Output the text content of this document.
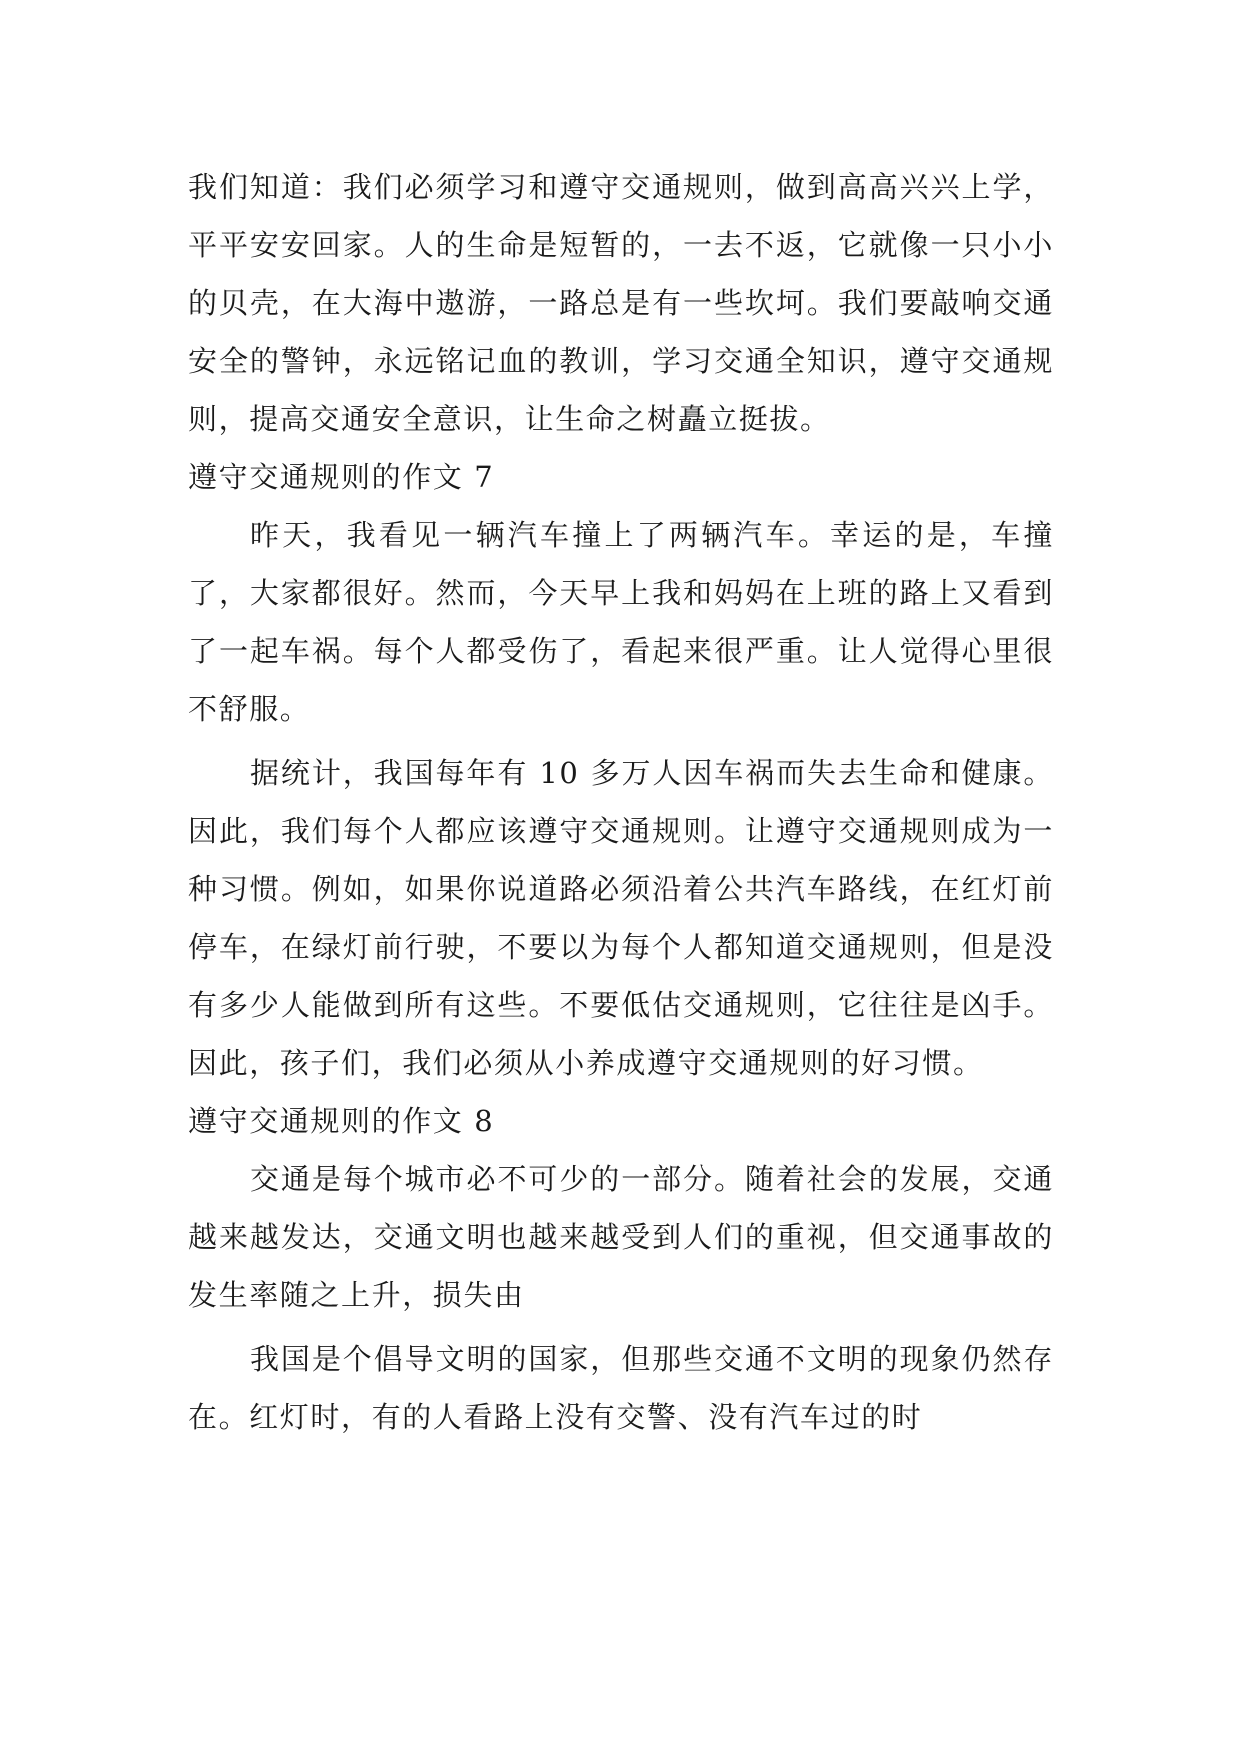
我们知道：我们必须学习和遵守交通规则，做到高高兴兴上学，平平安安回家。人的生命是短暂的，一去不返，它就像一只小小的贝壳，在大海中遨游，一路总是有一些坎坷。我们要敲响交通安全的警钟，永远铭记血的教训，学习交通全知识，遵守交通规则，提高交通安全意识，让生命之树矗立挺拔。

遵守交通规则的作文 7

昨天，我看见一辆汽车撞上了两辆汽车。幸运的是，车撞了，大家都很好。然而，今天早上我和妈妈在上班的路上又看到了一起车祸。每个人都受伤了，看起来很严重。让人觉得心里很不舒服。

据统计，我国每年有 10 多万人因车祸而失去生命和健康。因此，我们每个人都应该遵守交通规则。让遵守交通规则成为一种习惯。例如，如果你说道路必须沿着公共汽车路线，在红灯前停车，在绿灯前行驶，不要以为每个人都知道交通规则，但是没有多少人能做到所有这些。不要低估交通规则，它往往是凶手。因此，孩子们，我们必须从小养成遵守交通规则的好习惯。

遵守交通规则的作文 8

交通是每个城市必不可少的一部分。随着社会的发展，交通越来越发达，交通文明也越来越受到人们的重视，但交通事故的发生率随之上升，损失由

我国是个倡导文明的国家，但那些交通不文明的现象仍然存在。红灯时，有的人看路上没有交警、没有汽车过的时
